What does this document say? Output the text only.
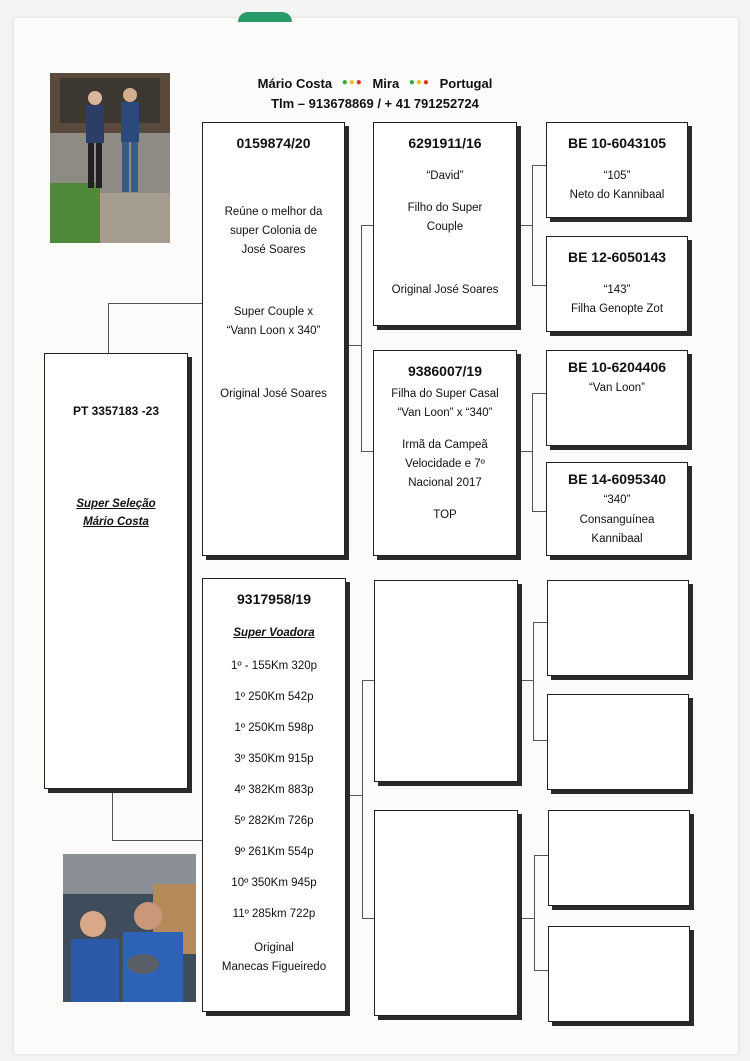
Mário Costa ●●● Mira ●●● Portugal
Tlm – 913678869 / + 41 791252724
PT 3357183 -23
Super Seleção
Mário Costa
0159874/20
Reúne o melhor da
super Colonia de
José Soares
Super Couple x
“Vann Loon x 340”
Original José Soares
6291911/16
“David”
Filho do Super
Couple
Original José Soares
9386007/19
Filha do Super Casal
“Van Loon” x “340”
Irmã da Campeã
Velocidade e 7º
Nacional 2017
TOP
BE 10-6043105
“105”
Neto do Kannibaal
BE 12-6050143
“143”
Filha Genopte Zot
BE 10-6204406
“Van Loon”
BE 14-6095340
“340”
Consanguínea
Kannibaal
9317958/19
Super Voadora
1º - 155Km 320p
1º 250Km 542p
1º 250Km 598p
3º 350Km 915p
4º 382Km 883p
5º 282Km 726p
9º 261Km 554p
10º 350Km 945p
11º 285km 722p
Original
Manecas Figueiredo
